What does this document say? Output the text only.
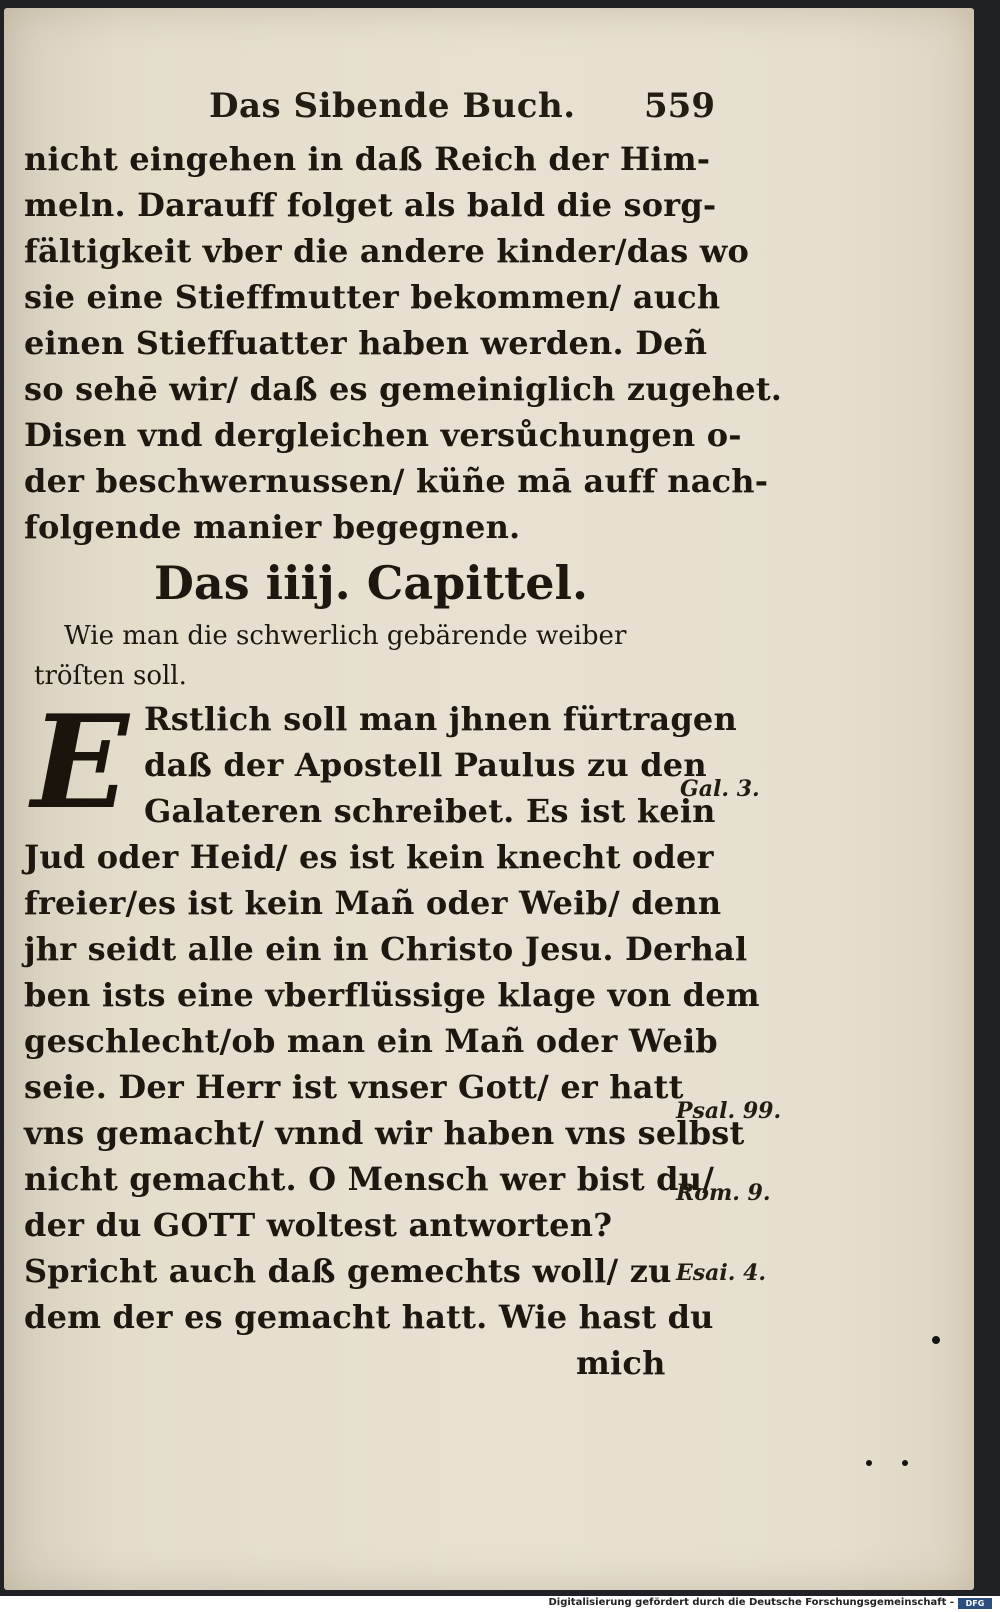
Das Sibende Buch. 559
nicht eingehen in daß Reich der Him-
meln. Darauff folget als bald die sorg-
fältigkeit vber die andere kinder/das wo
sie eine Stieffmutter bekommen/ auch
einen Stieffuatter haben werden. Deñ
so sehē wir/ daß es gemeiniglich zugehet.
Disen vnd dergleichen versůchungen o-
der beschwernussen/ küñe mā auff nach-
folgende manier begegnen.
Das iiij. Capittel.
Wie man die schwerlich gebärende weiber
tröſten soll.
E Rstlich soll man jhnen fürtragen
daß der Apostell Paulus zu den
Galateren schreibet. Es ist kein
Jud oder Heid/ es ist kein knecht oder
freier/es ist kein Mañ oder Weib/ denn
jhr seidt alle ein in Christo Jesu. Derhal
ben ists eine vberflüssige klage von dem
geschlecht/ob man ein Mañ oder Weib
seie. Der Herr ist vnser Gott/ er hatt
vns gemacht/ vnnd wir haben vns selbst
nicht gemacht. O Mensch wer bist du/
der du GOTT woltest antworten?
Spricht auch daß gemechts woll/ zu
dem der es gemacht hatt. Wie hast du
mich
Gal. 3.
Psal. 99.
Rom. 9.
Esai. 4.
Digitalisierung gefördert durch die Deutsche Forschungsgemeinschaft -	DFG
